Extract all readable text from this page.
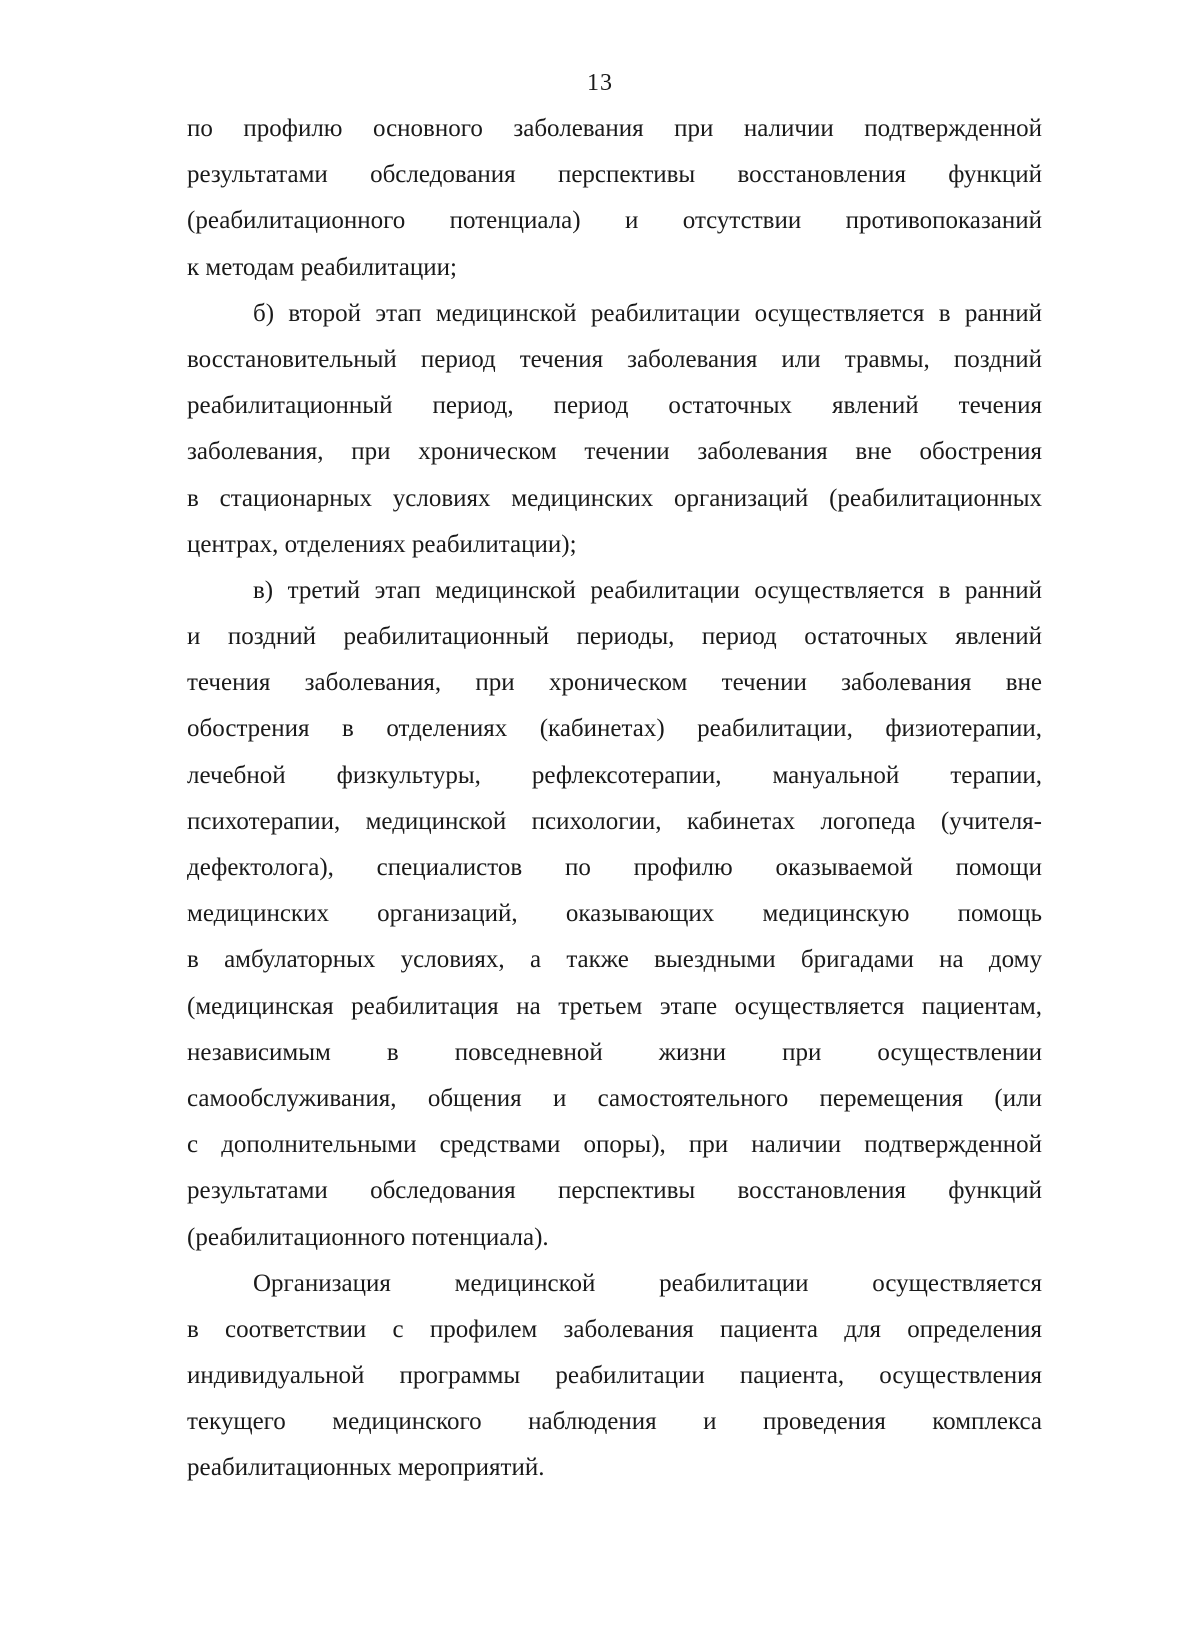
13
по профилю основного заболевания при наличии подтвержденной
результатами обследования перспективы восстановления функций
(реабилитационного потенциала) и отсутствии противопоказаний
к методам реабилитации;
б) второй этап медицинской реабилитации осуществляется в ранний
восстановительный период течения заболевания или травмы, поздний
реабилитационный период, период остаточных явлений течения
заболевания, при хроническом течении заболевания вне обострения
в стационарных условиях медицинских организаций (реабилитационных
центрах, отделениях реабилитации);
в) третий этап медицинской реабилитации осуществляется в ранний
и поздний реабилитационный периоды, период остаточных явлений
течения заболевания, при хроническом течении заболевания вне
обострения в отделениях (кабинетах) реабилитации, физиотерапии,
лечебной физкультуры, рефлексотерапии, мануальной терапии,
психотерапии, медицинской психологии, кабинетах логопеда (учителя-
дефектолога), специалистов по профилю оказываемой помощи
медицинских организаций, оказывающих медицинскую помощь
в амбулаторных условиях, а также выездными бригадами на дому
(медицинская реабилитация на третьем этапе осуществляется пациентам,
независимым в повседневной жизни при осуществлении
самообслуживания, общения и самостоятельного перемещения (или
с дополнительными средствами опоры), при наличии подтвержденной
результатами обследования перспективы восстановления функций
(реабилитационного потенциала).
Организация медицинской реабилитации осуществляется
в соответствии с профилем заболевания пациента для определения
индивидуальной программы реабилитации пациента, осуществления
текущего медицинского наблюдения и проведения комплекса
реабилитационных мероприятий.
